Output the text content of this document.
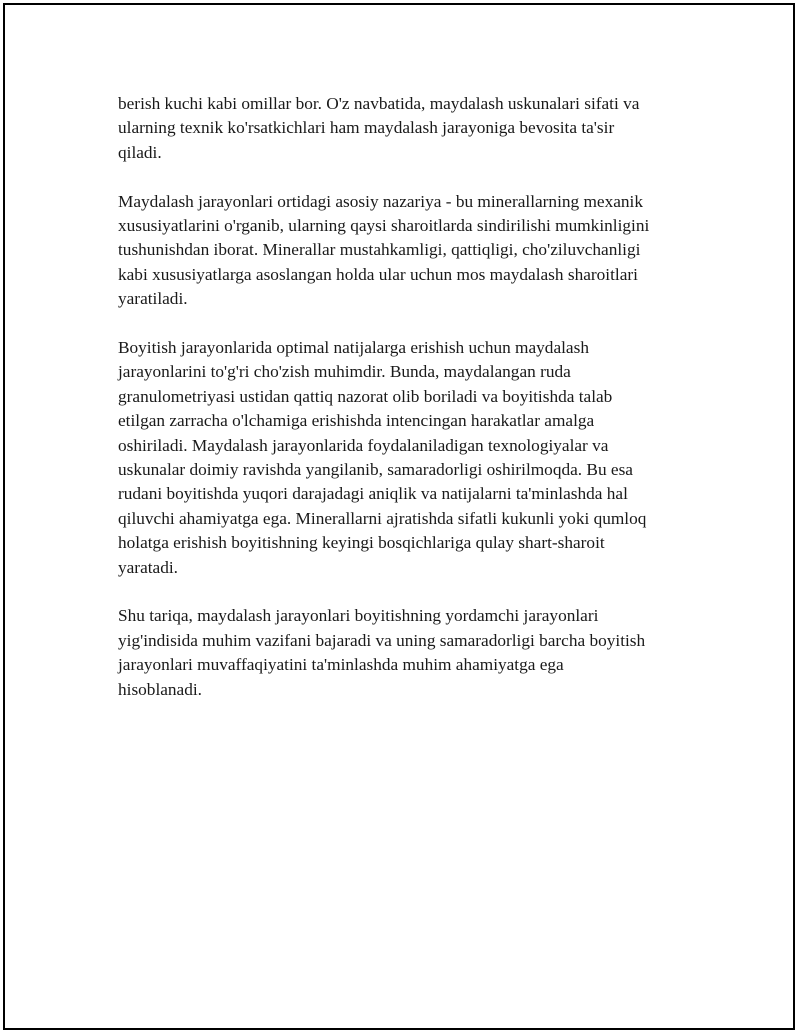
berish kuchi kabi omillar bor. O'z navbatida, maydalash uskunalari sifati va
ularning texnik ko'rsatkichlari ham maydalash jarayoniga bevosita ta'sir
qiladi.

Maydalash jarayonlari ortidagi asosiy nazariya - bu minerallarning mexanik
xususiyatlarini o'rganib, ularning qaysi sharoitlarda sindirilishi mumkinligini
tushunishdan iborat. Minerallar mustahkamligi, qattiqligi, cho'ziluvchanligi
kabi xususiyatlarga asoslangan holda ular uchun mos maydalash sharoitlari
yaratiladi.

Boyitish jarayonlarida optimal natijalarga erishish uchun maydalash
jarayonlarini to'g'ri cho'zish muhimdir. Bunda, maydalangan ruda
granulometriyasi ustidan qattiq nazorat olib boriladi va boyitishda talab
etilgan zarracha o'lchamiga erishishda intencingan harakatlar amalga
oshiriladi. Maydalash jarayonlarida foydalaniladigan texnologiyalar va
uskunalar doimiy ravishda yangilanib, samaradorligi oshirilmoqda. Bu esa
rudani boyitishda yuqori darajadagi aniqlik va natijalarni ta'minlashda hal
qiluvchi ahamiyatga ega. Minerallarni ajratishda sifatli kukunli yoki qumloq
holatga erishish boyitishning keyingi bosqichlariga qulay shart-sharoit
yaratadi.

Shu tariqa, maydalash jarayonlari boyitishning yordamchi jarayonlari
yig'indisida muhim vazifani bajaradi va uning samaradorligi barcha boyitish
jarayonlari muvaffaqiyatini ta'minlashda muhim ahamiyatga ega
hisoblanadi.
